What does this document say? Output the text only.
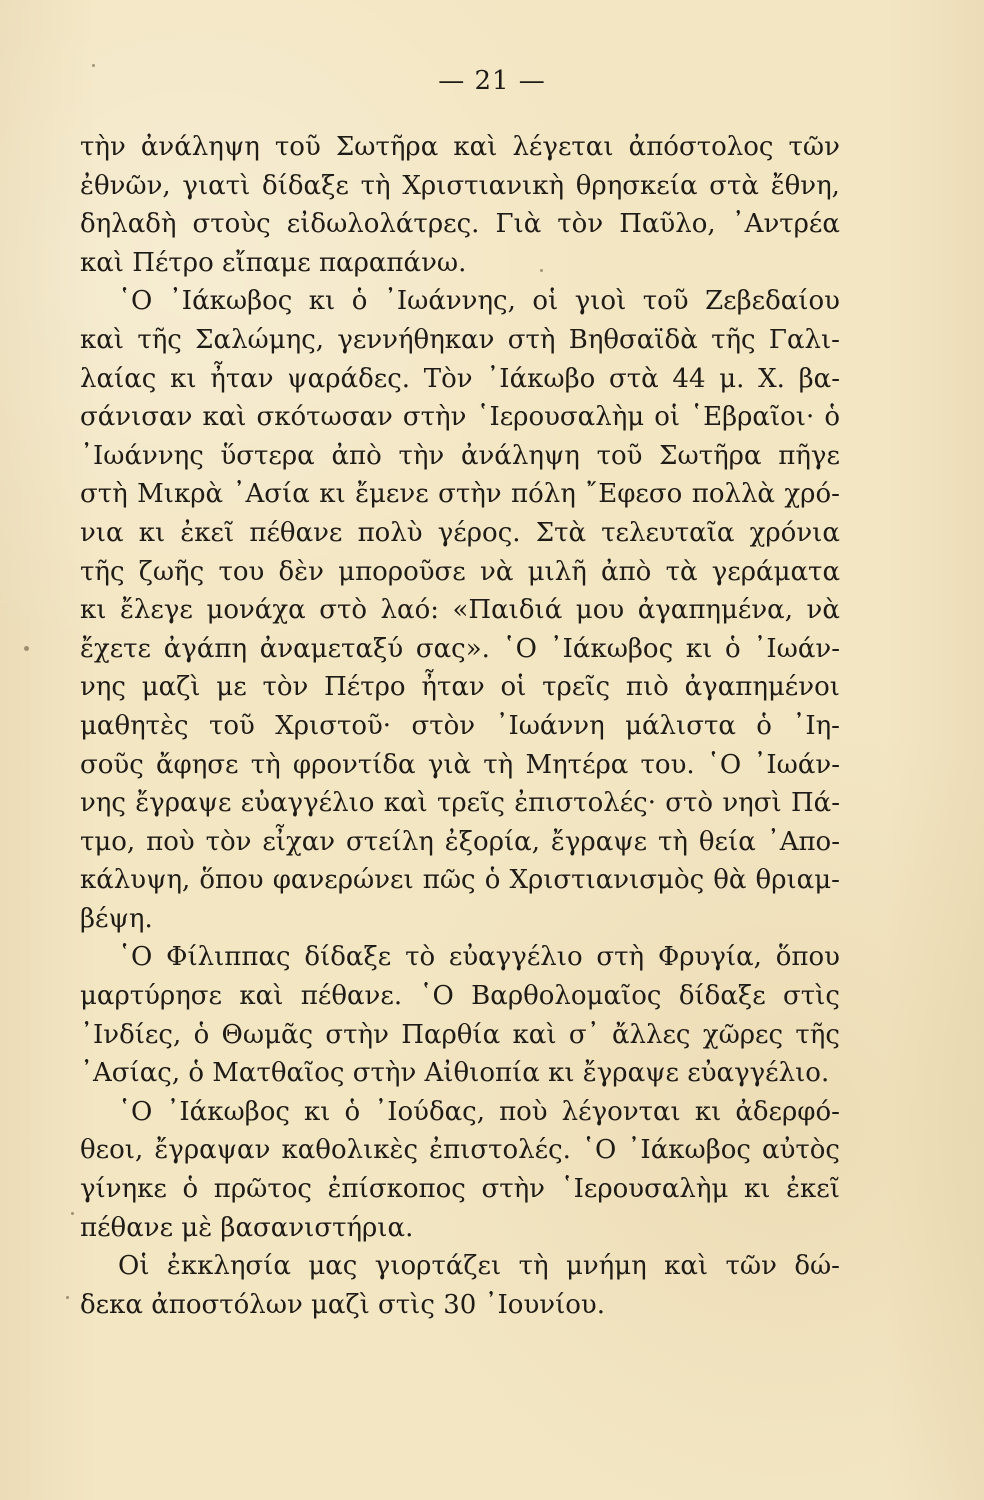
— 21 —
τὴν ἀνάληψη τοῦ Σωτῆρα καὶ λέγεται ἀπόστολος τῶν
ἐθνῶν, γιατὶ δίδαξε τὴ Χριστιανικὴ θρησκεία στὰ ἔθνη,
δηλαδὴ στοὺς εἰδωλολάτρες. Γιὰ τὸν Παῦλο, ᾿Αντρέα
καὶ Πέτρο εἴπαμε παραπάνω.
῾Ο ᾿Ιάκωβος κι ὁ ᾿Ιωάννης, οἱ γιοὶ τοῦ Ζεβεδαίου
καὶ τῆς Σαλώμης, γεννήθηκαν στὴ Βηθσαϊδὰ τῆς Γαλι-
λαίας κι ἦταν ψαράδες. Τὸν ᾿Ιάκωβο στὰ 44 μ. Χ. βα-
σάνισαν καὶ σκότωσαν στὴν ῾Ιερουσαλὴμ οἱ ῾Εβραῖοι· ὁ
᾿Ιωάννης ὕστερα ἀπὸ τὴν ἀνάληψη τοῦ Σωτῆρα πῆγε
στὴ Μικρὰ ᾿Ασία κι ἔμενε στὴν πόλη ῎Εφεσο πολλὰ χρό-
νια κι ἐκεῖ πέθανε πολὺ γέρος. Στὰ τελευταῖα χρόνια
τῆς ζωῆς του δὲν μποροῦσε νὰ μιλῆ ἀπὸ τὰ γεράματα
κι ἔλεγε μονάχα στὸ λαό: «Παιδιά μου ἀγαπημένα, νὰ
ἔχετε ἀγάπη ἀναμεταξύ σας». ῾Ο ᾿Ιάκωβος κι ὁ ᾿Ιωάν-
νης μαζὶ με τὸν Πέτρο ἦταν οἱ τρεῖς πιὸ ἀγαπημένοι
μαθητὲς τοῦ Χριστοῦ· στὸν ᾿Ιωάννη μάλιστα ὁ ᾿Ιη-
σοῦς ἄφησε τὴ φροντίδα γιὰ τὴ Μητέρα του. ῾Ο ᾿Ιωάν-
νης ἔγραψε εὐαγγέλιο καὶ τρεῖς ἐπιστολές· στὸ νησὶ Πά-
τμο, ποὺ τὸν εἶχαν στείλη ἐξορία, ἔγραψε τὴ θεία ᾿Απο-
κάλυψη, ὅπου φανερώνει πῶς ὁ Χριστιανισμὸς θὰ θριαμ-
βέψη.
῾Ο Φίλιππας δίδαξε τὸ εὐαγγέλιο στὴ Φρυγία, ὅπου
μαρτύρησε καὶ πέθανε. ῾Ο Βαρθολομαῖος δίδαξε στὶς
᾿Ινδίες, ὁ Θωμᾶς στὴν Παρθία καὶ σ᾿ ἄλλες χῶρες τῆς
᾿Ασίας, ὁ Ματθαῖος στὴν Αἰθιοπία κι ἔγραψε εὐαγγέλιο.
῾Ο ᾿Ιάκωβος κι ὁ ᾿Ιούδας, ποὺ λέγονται κι ἀδερφό-
θεοι, ἔγραψαν καθολικὲς ἐπιστολές. ῾Ο ᾿Ιάκωβος αὐτὸς
γίνηκε ὁ πρῶτος ἐπίσκοπος στὴν ῾Ιερουσαλὴμ κι ἐκεῖ
πέθανε μὲ βασανιστήρια.
Οἱ ἐκκλησία μας γιορτάζει τὴ μνήμη καὶ τῶν δώ-
δεκα ἀποστόλων μαζὶ στὶς 30 ᾿Ιουνίου.
